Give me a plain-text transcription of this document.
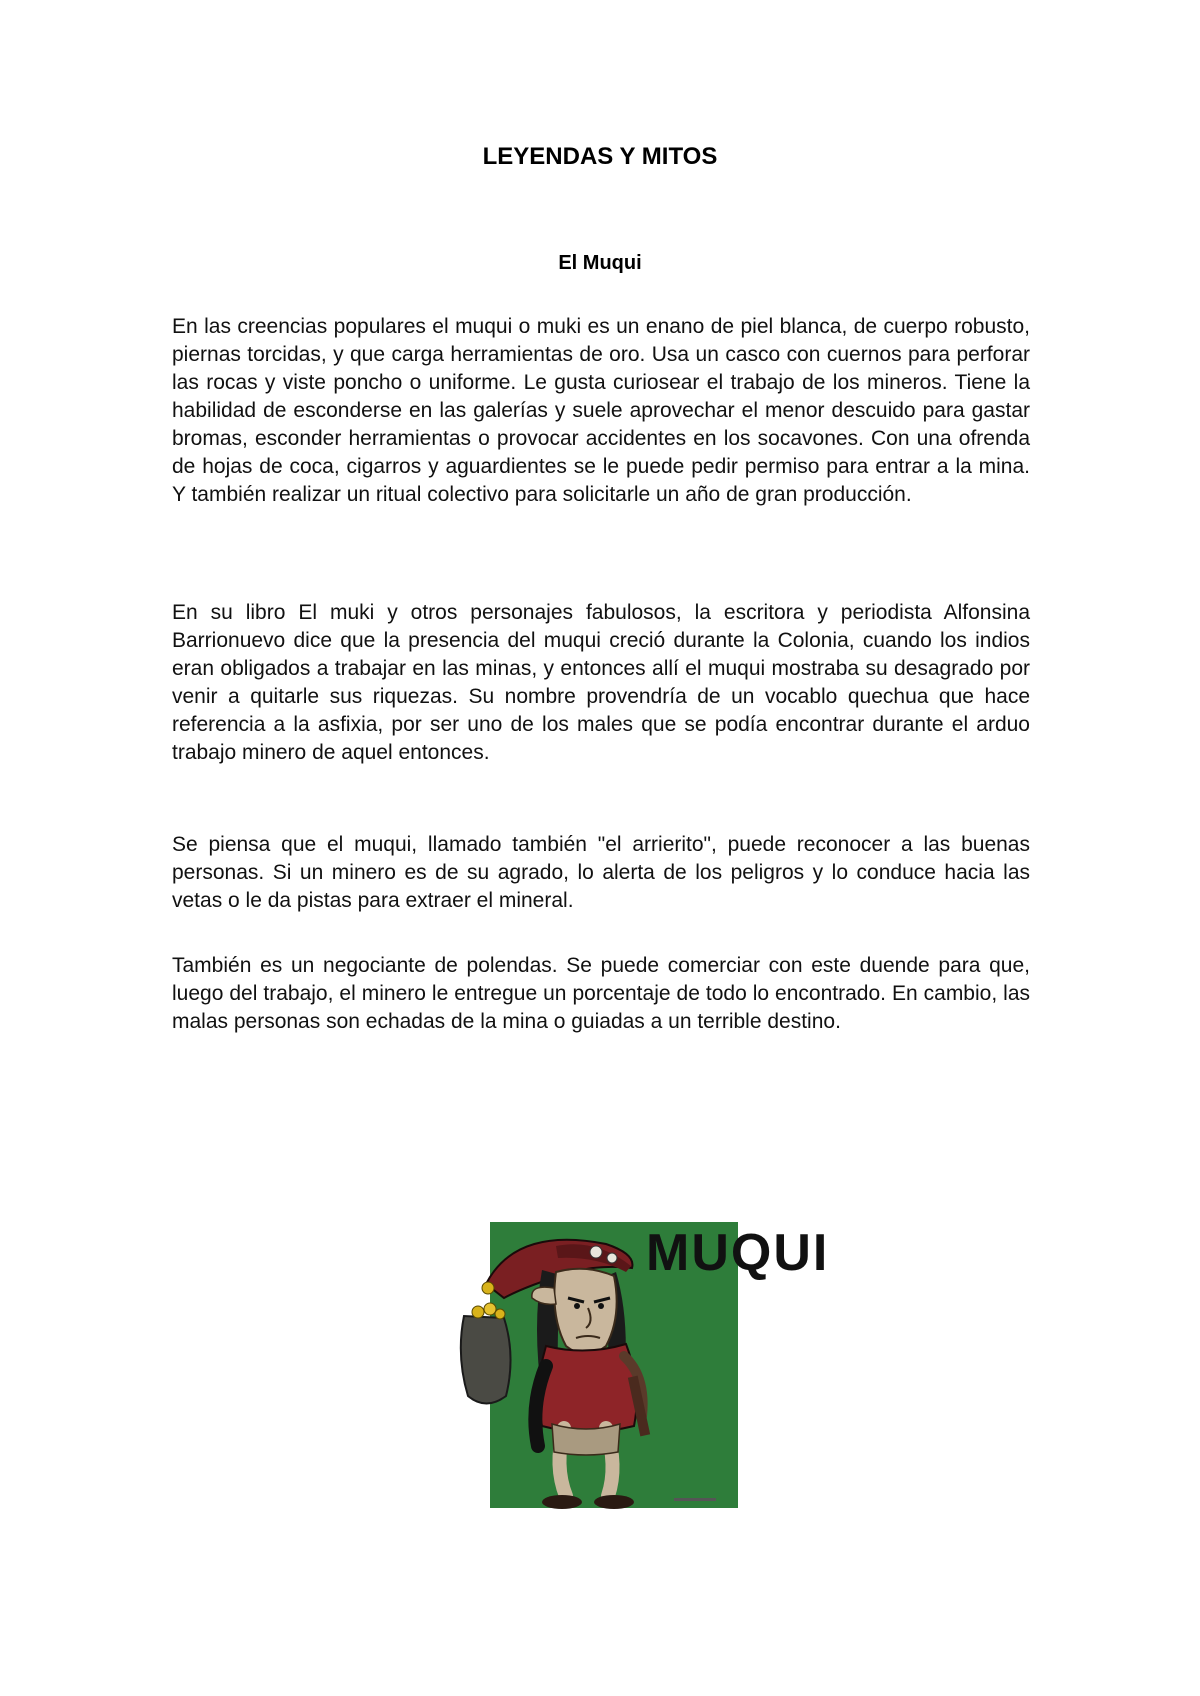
LEYENDAS Y MITOS
El Muqui

En las creencias populares el muqui o muki es un enano de piel blanca, de cuerpo robusto, piernas torcidas, y que carga herramientas de oro. Usa un casco con cuernos para perforar las rocas y viste poncho o uniforme. Le gusta curiosear el trabajo de los mineros. Tiene la habilidad de esconderse en las galerías y suele aprovechar el menor descuido para gastar bromas, esconder herramientas o provocar accidentes en los socavones. Con una ofrenda de hojas de coca, cigarros y aguardientes se le puede pedir permiso para entrar a la mina. Y también realizar un ritual colectivo para solicitarle un año de gran producción.

En su libro El muki y otros personajes fabulosos, la escritora y periodista Alfonsina Barrionuevo dice que la presencia del muqui creció durante la Colonia, cuando los indios eran obligados a trabajar en las minas, y entonces allí el muqui mostraba su desagrado por venir a quitarle sus riquezas. Su nombre provendría de un vocablo quechua que hace referencia a la asfixia, por ser uno de los males que se podía encontrar durante el arduo trabajo minero de aquel entonces.

Se piensa que el muqui, llamado también "el arrierito", puede reconocer a las buenas personas. Si un minero es de su agrado, lo alerta de los peligros y lo conduce hacia las vetas o le da pistas para extraer el mineral.

También es un negociante de polendas. Se puede comerciar con este duende para que, luego del trabajo, el minero le entregue un porcentaje de todo lo encontrado. En cambio, las malas personas son echadas de la mina o guiadas a un terrible destino.

MUQUI
